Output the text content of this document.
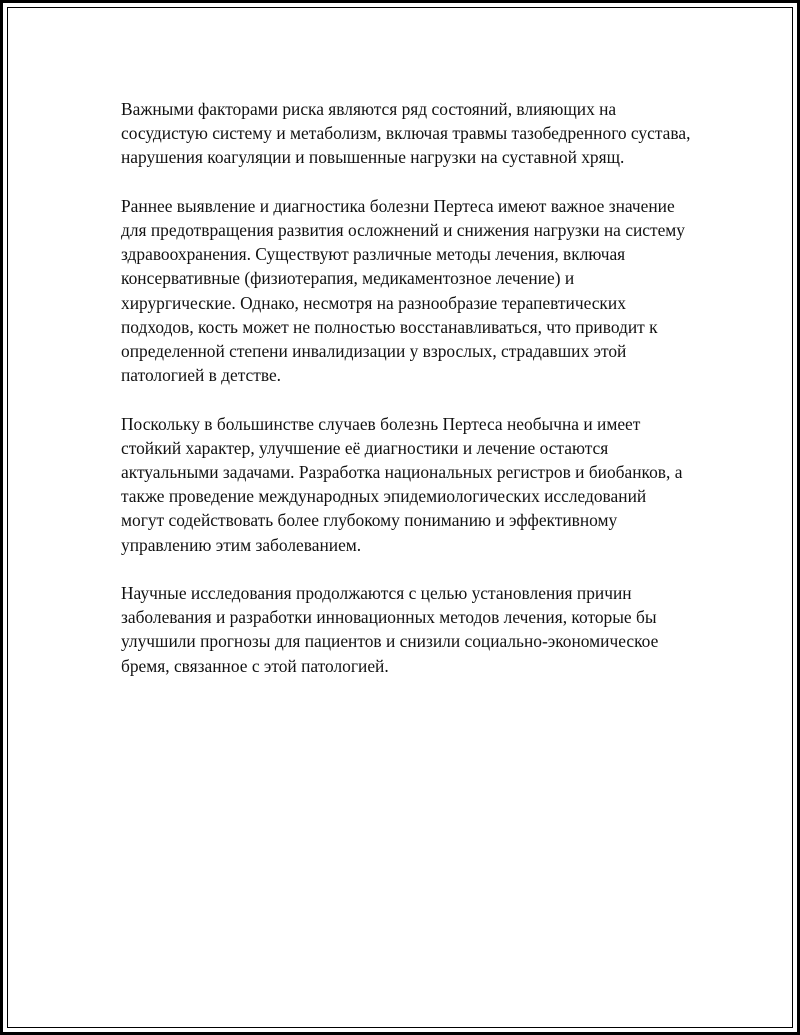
Важными факторами риска являются ряд состояний, влияющих на сосудистую систему и метаболизм, включая травмы тазобедренного сустава, нарушения коагуляции и повышенные нагрузки на суставной хрящ.

Раннее выявление и диагностика болезни Пертеса имеют важное значение для предотвращения развития осложнений и снижения нагрузки на систему здравоохранения. Существуют различные методы лечения, включая консервативные (физиотерапия, медикаментозное лечение) и хирургические. Однако, несмотря на разнообразие терапевтических подходов, кость может не полностью восстанавливаться, что приводит к определенной степени инвалидизации у взрослых, страдавших этой патологией в детстве.

Поскольку в большинстве случаев болезнь Пертеса необычна и имеет стойкий характер, улучшение её диагностики и лечение остаются актуальными задачами. Разработка национальных регистров и биобанков, а также проведение международных эпидемиологических исследований могут содействовать более глубокому пониманию и эффективному управлению этим заболеванием.

Научные исследования продолжаются с целью установления причин заболевания и разработки инновационных методов лечения, которые бы улучшили прогнозы для пациентов и снизили социально-экономическое бремя, связанное с этой патологией.
